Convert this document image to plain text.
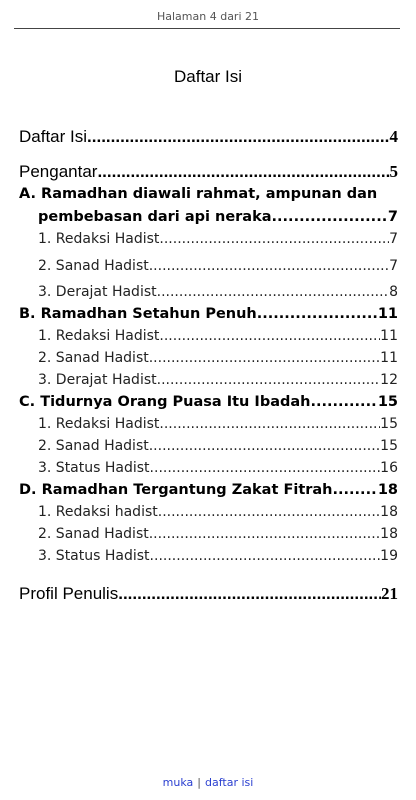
Halaman 4 dari 21
Daftar Isi
Daftar Isi .....	4
Pengantar .....	5
A. Ramadhan diawali rahmat, ampunan dan
pembebasan dari api neraka .....	7
1. Redaksi Hadist .....	7
2. Sanad Hadist .....	7
3. Derajat Hadist. .....	8
B. Ramadhan Setahun Penuh .....	11
1. Redaksi Hadist. .....	11
2. Sanad Hadist .....	11
3. Derajat Hadist. .....	12
C. Tidurnya Orang Puasa Itu Ibadah .....	15
1. Redaksi Hadist .....	15
2. Sanad Hadist .....	15
3. Status Hadist .....	16
D. Ramadhan Tergantung Zakat Fitrah .....	18
1. Redaksi hadist .....	18
2. Sanad Hadist .....	18
3. Status Hadist .....	19
Profil Penulis .....	21
muka | daftar isi
